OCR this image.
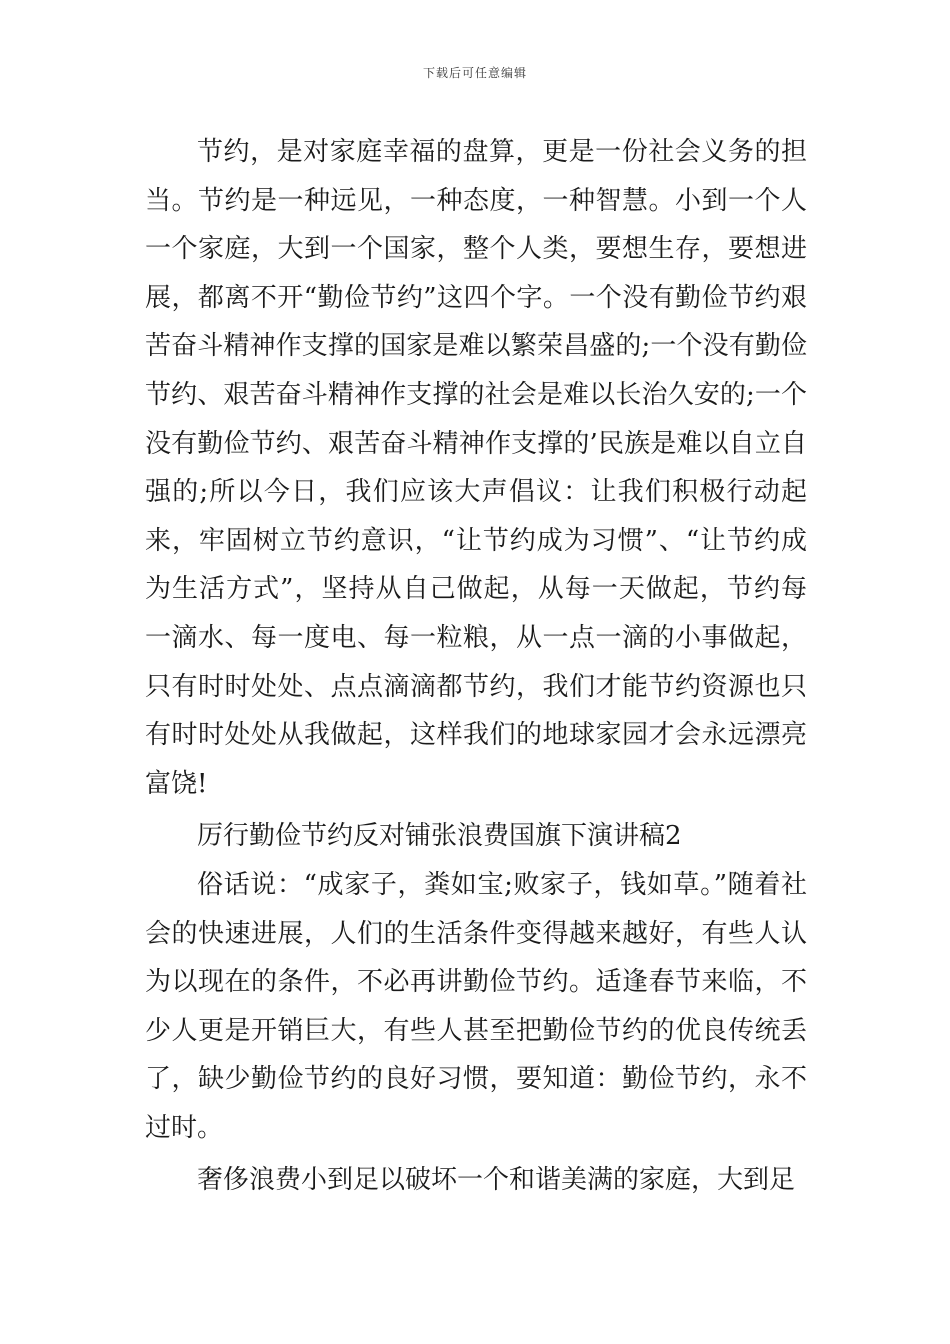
下载后可任意编辑

节约，是对家庭幸福的盘算，更是一份社会义务的担当。节约是一种远见，一种态度，一种智慧。小到一个人一个家庭，大到一个国家，整个人类，要想生存，要想进展，都离不开“勤俭节约”这四个字。一个没有勤俭节约艰苦奋斗精神作支撑的国家是难以繁荣昌盛的;一个没有勤俭节约、艰苦奋斗精神作支撑的社会是难以长治久安的;一个没有勤俭节约、艰苦奋斗精神作支撑的’民族是难以自立自强的;所以今日，我们应该大声倡议：让我们积极行动起来，牢固树立节约意识，“让节约成为习惯”、“让节约成为生活方式”，坚持从自己做起，从每一天做起，节约每一滴水、每一度电、每一粒粮，从一点一滴的小事做起，只有时时处处、点点滴滴都节约，我们才能节约资源也只有时时处处从我做起，这样我们的地球家园才会永远漂亮富饶!

厉行勤俭节约反对铺张浪费国旗下演讲稿2

俗话说：“成家子，粪如宝;败家子，钱如草。”随着社会的快速进展，人们的生活条件变得越来越好，有些人认为以现在的条件，不必再讲勤俭节约。适逢春节来临，不少人更是开销巨大，有些人甚至把勤俭节约的优良传统丢了，缺少勤俭节约的良好习惯，要知道：勤俭节约，永不过时。

奢侈浪费小到足以破坏一个和谐美满的家庭，大到足
